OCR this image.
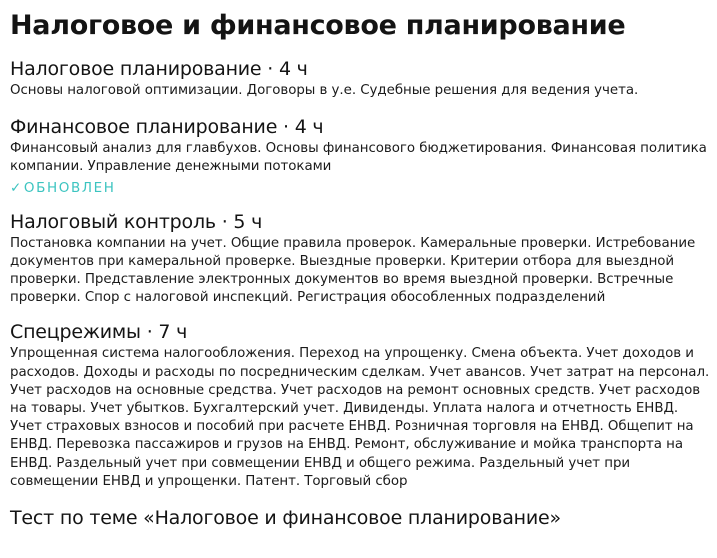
Налоговое и финансовое планирование
Налоговое планирование · 4 ч

Основы налоговой оптимизации. Договоры в у.е. Судебные решения для ведения учета.

Финансовое планирование · 4 ч

Финансовый анализ для главбухов. Основы финансового бюджетирования. Финансовая политика компании. Управление денежными потоками

✓ОБНОВЛЕН
Налоговый контроль · 5 ч

Постановка компании на учет. Общие правила проверок. Камеральные проверки. Истребование документов при камеральной проверке. Выездные проверки. Критерии отбора для выездной проверки. Представление электронных документов во время выездной проверки. Встречные проверки. Спор с налоговой инспекций. Регистрация обособленных подразделений

Спецрежимы · 7 ч

Упрощенная система налогообложения. Переход на упрощенку. Смена объекта. Учет доходов и расходов. Доходы и расходы по посредническим сделкам. Учет авансов. Учет затрат на персонал. Учет расходов на основные средства. Учет расходов на ремонт основных средств. Учет расходов на товары. Учет убытков. Бухгалтерский учет. Дивиденды. Уплата налога и отчетность ЕНВД. Учет страховых взносов и пособий при расчете ЕНВД. Розничная торговля на ЕНВД. Общепит на ЕНВД. Перевозка пассажиров и грузов на ЕНВД. Ремонт, обслуживание и мойка транспорта на ЕНВД. Раздельный учет при совмещении ЕНВД и общего режима. Раздельный учет при совмещении ЕНВД и упрощенки. Патент. Торговый сбор

Тест по теме «Налоговое и финансовое планирование»
